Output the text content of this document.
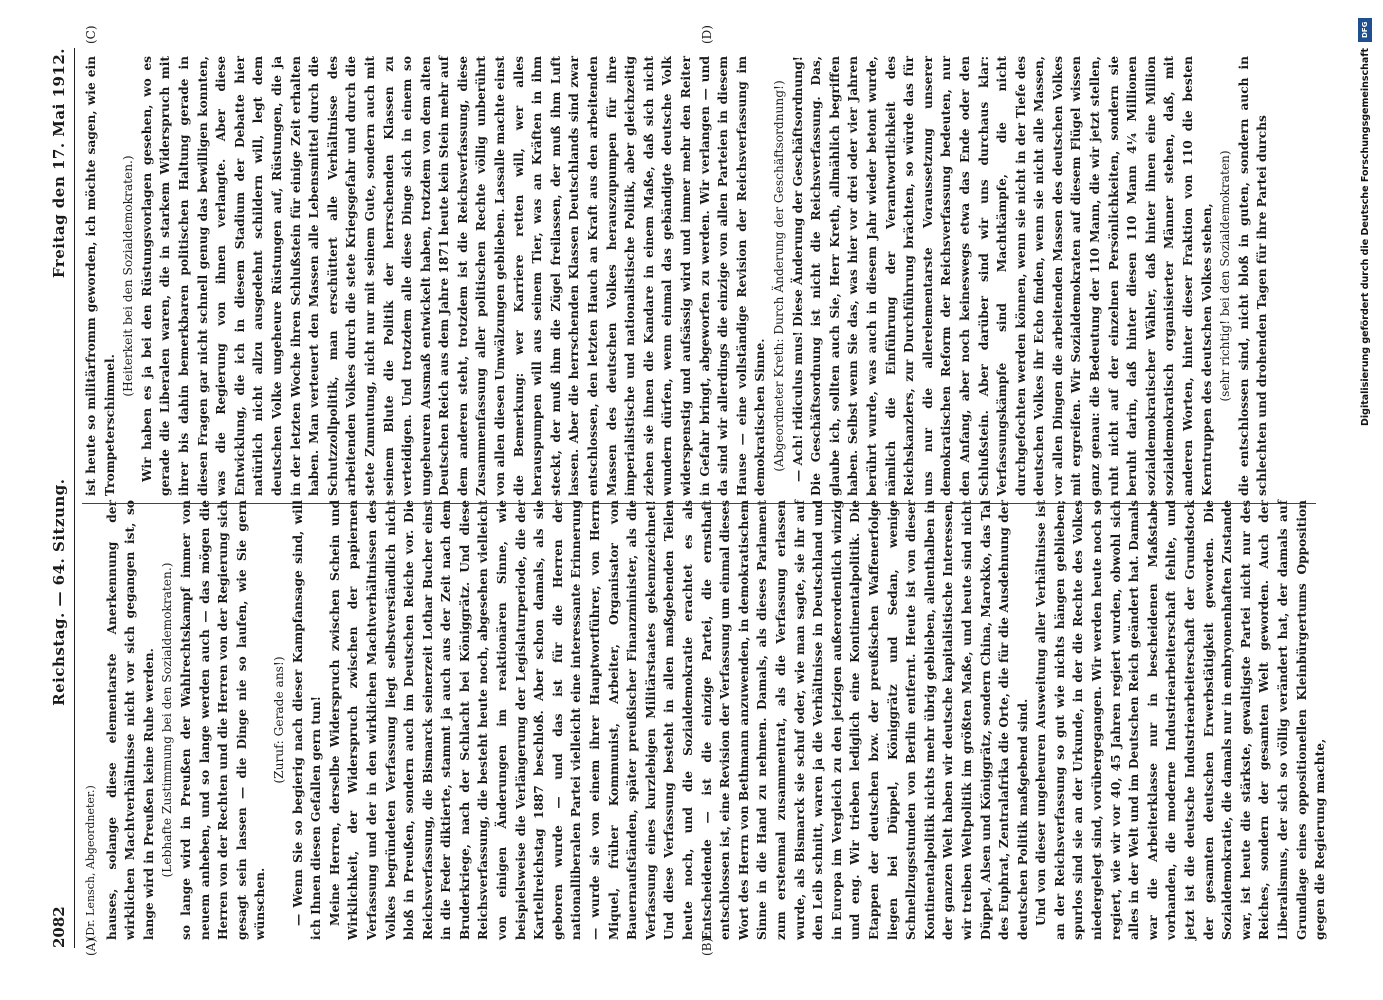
2082
Reichstag. — 64. Sitzung.
Freitag den 17. Mai 1912.
(A)	(B)
(C)	(D)

(Dr. Lensch, Abgeordneter.) hauses, solange diese elementarste Anerkennung der wirklichen Machtverhältnisse nicht vor sich gegangen ist, so lange wird in Preußen keine Ruhe werden. (Lebhafte Zustimmung bei den Sozialdemokraten.) so lange wird in Preußen der Wahlrechtskampf immer von neuem anheben, und so lange werden auch — das mögen die Herren von der Rechten und die Herren von der Regierung sich gesagt sein lassen — die Dinge nie so laufen, wie Sie gern wünschen.

(Zuruf: Gerade ans!) — Wenn Sie so begierig nach dieser Kampfansage sind, will ich Ihnen diesen Gefallen gern tun! Meine Herren, derselbe Widerspruch zwischen Schein und Wirklichkeit, der Widerspruch zwischen der papiernen Verfassung und der in den wirklichen Machtverhältnissen des Volkes begründeten Verfassung liegt selbstverständlich nicht bloß in Preußen, sondern auch im Deutschen Reiche vor. Die Reichsverfassung, die Bismarck seinerzeit Lothar Bucher einst in die Feder diktierte, stammt ja auch aus der Zeit nach dem Bruderkriege, nach der Schlacht bei Königgrätz. Und diese Reichsverfassung, die besteht heute noch, abgesehen vielleicht von einigen Änderungen im reaktionären Sinne, wie beispielsweise die Verlängerung der Legislaturperiode, die der Kartellreichstag 1887 beschloß. Aber schon damals, als sie geboren wurde — und das ist für die Herren der nationalliberalen Partei vielleicht eine interessante Erinnerung — wurde sie von einem ihrer Hauptwortführer, von Herrn Miquel, früher Kommunist, Arbeiter, Organisator von Bauernaufständen, später preußischer Finanzminister, als die Verfassung eines kurzlebigen Militärstaates gekennzeichnet! Und diese Verfassung besteht in allen maßgebenden Teilen heute noch, und die Sozialdemokratie erachtet es als Entscheidende — ist die einzige Partei, die ernsthaft entschlossen ist, eine Revision der Verfassung um einmal dieses Wort des Herrn von Bethmann anzuwenden, in demokratischem Sinne in die Hand zu nehmen. Damals, als dieses Parlament zum erstenmal zusammentrat, als die Verfassung erlassen wurde, als Bismarck sie schuf oder, wie man sagte, sie ihr auf den Leib schnitt, waren ja die Verhältnisse in Deutschland und in Europa im Vergleich zu den jetzigen außerordentlich winzig und eng. Wir trieben lediglich eine Kontinentalpolitik. Die Etappen der deutschen bzw. der preußischen Waffenerfolge liegen bei Düppel, Königgrätz und Sedan, wenige Schnellzugsstunden von Berlin entfernt. Heute ist von dieser Kontinentalpolitik nichts mehr übrig geblieben, allenthalben in der ganzen Welt haben wir deutsche kapitalistische Interessen, wir treiben Weltpolitik im größten Maße, und heute sind nicht Düppel, Alsen und Königgrätz, sondern China, Marokko, das Tal des Euphrat, Zentralafrika die Orte, die für die Ausdehnung der deutschen Politik maßgebend sind. Und von dieser ungeheuren Ausweitung aller Verhältnisse ist an der Reichsverfassung so gut wie nichts hängen geblieben; spurlos sind sie an der Urkunde, in der die Rechte des Volkes niedergelegt sind, vorübergegangen. Wir werden heute noch so regiert, wie wir vor 40, 45 Jahren regiert wurden, obwohl sich alles in der Welt und im Deutschen Reich geändert hat. Damals war die Arbeiterklasse nur in bescheidenen Maßstabe vorhanden, die moderne Industriearbeiterschaft fehlte, und jetzt ist die deutsche Industriearbeiterschaft der Grundstock der gesamten deutschen Erwerbstätigkeit geworden. Die Sozialdemokratie, die damals nur in embryonenhaften Zustande war, ist heute die stärkste, gewaltigste Partei nicht nur des Reiches, sondern der gesamten Welt geworden. Auch der Liberalismus, der sich so völlig verändert hat, der damals auf Grundlage eines oppositionellen Kleinbürgertums Opposition gegen die Regierung machte,

ist heute so militärfromm geworden, ich möchte sagen, wie ein Trompeterschimmel.

(Heiterkeit bei den Sozialdemokraten.) Wir haben es ja bei den Rüstungsvorlagen gesehen, wo es gerade die Liberalen waren, die in starkem Widerspruch mit ihrer bis dahin bemerkbaren politischen Haltung gerade in diesen Fragen gar nicht schnell genug das bewilligen konnten, was die Regierung von ihnen verlangte. Aber diese Entwicklung, die ich in diesem Stadium der Debatte hier natürlich nicht allzu ausgedehnt schildern will, legt dem deutschen Volke ungeheure Rüstungen auf, Rüstungen, die ja in der letzten Woche ihren Schlußstein für einige Zeit erhalten haben. Man verteuert den Massen alle Lebensmittel durch die Schutzzollpolitik, man erschüttert alle Verhältnisse des arbeitenden Volkes durch die stete Kriegsgefahr und durch die stete Zumutung, nicht nur mit seinem Gute, sondern auch mit seinem Blute die Politik der herrschenden Klassen zu verteidigen. Und trotzdem alle diese Dinge sich in einem so ungeheuren Ausmaß entwickelt haben, trotzdem von dem alten Deutschen Reich aus dem Jahre 1871 heute kein Stein mehr auf dem anderen steht, trotzdem ist die Reichsverfassung, diese Zusammenfassung aller politischen Rechte völlig unberührt von allen diesen Umwälzungen geblieben. Lassalle machte einst die Bemerkung: wer Karriere retten will, wer alles herauspumpen will aus seinem Tier, was an Kräften in ihm steckt, der muß ihm die Zügel freilassen, der muß ihm Luft lassen. Aber die herrschenden Klassen Deutschlands sind zwar entschlossen, den letzten Hauch an Kraft aus den arbeitenden Massen des deutschen Volkes herauszupumpen für ihre imperialistische und nationalistische Politik, aber gleichzeitig ziehen sie ihnen die Kandare in einem Maße, daß sich nicht wundern dürfen, wenn einmal das gebändigte deutsche Volk widerspenstig und aufsässig wird und immer mehr den Reiter in Gefahr bringt, abgeworfen zu werden. Wir verlangen — und da sind wir allerdings die einzige von allen Parteien in diesem Hause — eine vollständige Revision der Reichsverfassung im demokratischen Sinne. (Abgeordneter Kreth: Durch Änderung der Geschäftsordnung!) — Ach! ridiculus mus! Diese Änderung der Geschäftsordnung! Die Geschäftsordnung ist nicht die Reichsverfassung. Das, glaube ich, sollten auch Sie, Herr Kreth, allmählich begriffen haben. Selbst wenn Sie das, was hier vor drei oder vier Jahren berührt wurde, was auch in diesem Jahr wieder betont wurde, nämlich die Einführung der Verantwortlichkeit des Reichskanzlers, zur Durchführung brächten, so würde das für uns nur die allerelementarste Voraussetzung unserer demokratischen Reform der Reichsverfassung bedeuten, nur den Anfang, aber noch keineswegs etwa das Ende oder den Schlußstein. Aber darüber sind wir uns durchaus klar: Verfassungskämpfe sind Machtkämpfe, die nicht durchgefochten werden können, wenn sie nicht in der Tiefe des deutschen Volkes ihr Echo finden, wenn sie nicht alle Massen, vor allen Dingen die arbeitenden Massen des deutschen Volkes mit ergreifen. Wir Sozialdemokraten auf diesem Flügel wissen ganz genau: die Bedeutung der 110 Mann, die wir jetzt stellen, ruht nicht auf der einzelnen Persönlichkeiten, sondern sie beruht darin, daß hinter diesen 110 Mann 4¼ Millionen sozialdemokratischer Wähler, daß hinter ihnen eine Million sozialdemokratisch organisierter Männer stehen, daß, mit anderen Worten, hinter dieser Fraktion von 110 die besten Kerntruppen des deutschen Volkes stehen, (sehr richtig! bei den Sozialdemokraten) die entschlossen sind, nicht bloß in guten, sondern auch in schlechten und drohenden Tagen für ihre Partei durchs

DFG
Digitalisierung gefördert durch die Deutsche Forschungsgemeinschaft
